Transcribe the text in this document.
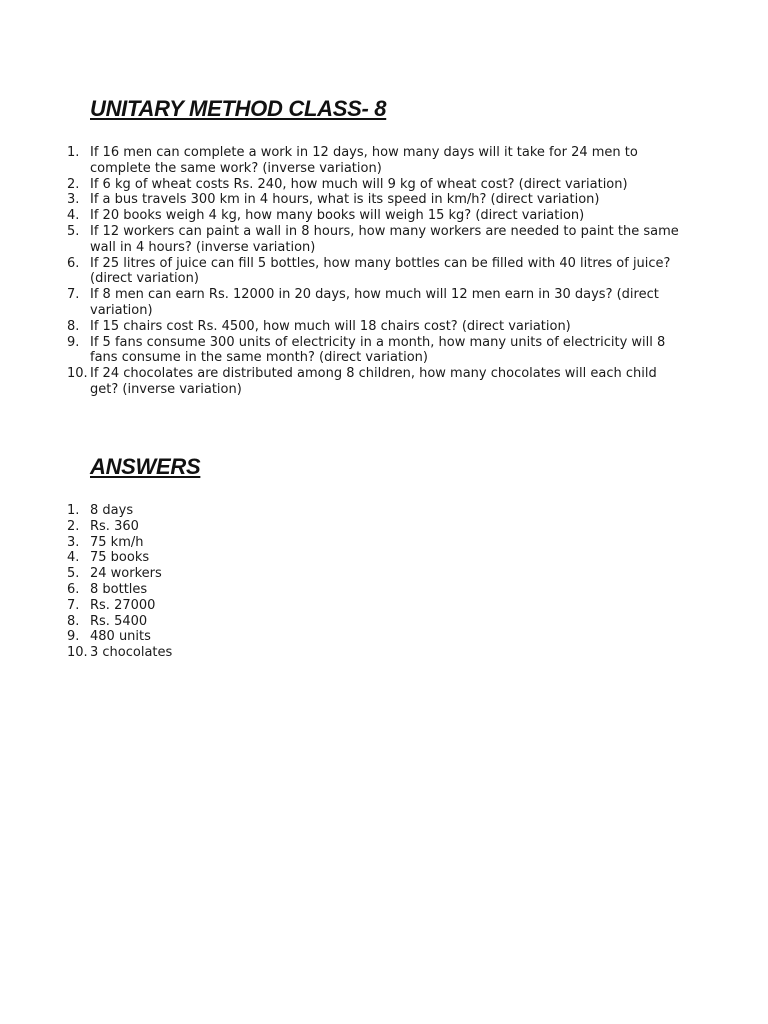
UNITARY METHOD CLASS- 8
1. If 16 men can complete a work in 12 days, how many days will it take for 24 men to complete the same work? (inverse variation)
2. If 6 kg of wheat costs Rs. 240, how much will 9 kg of wheat cost? (direct variation)
3. If a bus travels 300 km in 4 hours, what is its speed in km/h? (direct variation)
4. If 20 books weigh 4 kg, how many books will weigh 15 kg? (direct variation)
5. If 12 workers can paint a wall in 8 hours, how many workers are needed to paint the same wall in 4 hours? (inverse variation)
6. If 25 litres of juice can fill 5 bottles, how many bottles can be filled with 40 litres of juice? (direct variation)
7. If 8 men can earn Rs. 12000 in 20 days, how much will 12 men earn in 30 days? (direct variation)
8. If 15 chairs cost Rs. 4500, how much will 18 chairs cost? (direct variation)
9. If 5 fans consume 300 units of electricity in a month, how many units of electricity will 8 fans consume in the same month? (direct variation)
10. If 24 chocolates are distributed among 8 children, how many chocolates will each child get? (inverse variation)
ANSWERS
1. 8 days
2. Rs. 360
3. 75 km/h
4. 75 books
5. 24 workers
6. 8 bottles
7. Rs. 27000
8. Rs. 5400
9. 480 units
10. 3 chocolates
